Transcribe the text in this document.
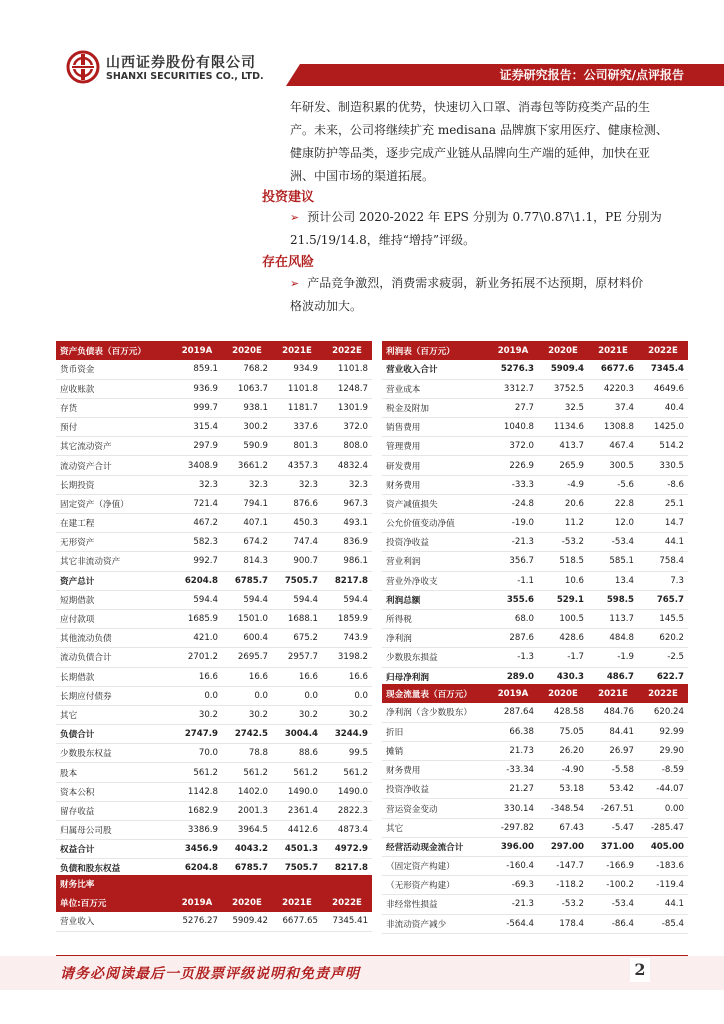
山西证券股份有限公司
SHANXI SECURITIES CO., LTD.	证券研究报告：公司研究/点评报告
年研发、制造积累的优势，快速切入口罩、消毒包等防疫类产品的生
产。未来，公司将继续扩充 medisana 品牌旗下家用医疗、健康检测、
健康防护等品类，逐步完成产业链从品牌向生产端的延伸，加快在亚
洲、中国市场的渠道拓展。
投资建议
➢ 预计公司 2020-2022 年 EPS 分别为 0.77\0.87\1.1，PE 分别为
21.5/19/14.8，维持“增持”评级。
存在风险
➢ 产品竞争激烈，消费需求疲弱，新业务拓展不达预期，原材料价
格波动加大。
资产负债表（百万元）	2019A	2020E	2021E	2022E
货币资金	859.1	768.2	934.9	1101.8
应收账款	936.9	1063.7	1101.8	1248.7
存货	999.7	938.1	1181.7	1301.9
预付	315.4	300.2	337.6	372.0
其它流动资产	297.9	590.9	801.3	808.0
流动资产合计	3408.9	3661.2	4357.3	4832.4
长期投资	32.3	32.3	32.3	32.3
固定资产（净值）	721.4	794.1	876.6	967.3
在建工程	467.2	407.1	450.3	493.1
无形资产	582.3	674.2	747.4	836.9
其它非流动资产	992.7	814.3	900.7	986.1
资产总计	6204.8	6785.7	7505.7	8217.8
短期借款	594.4	594.4	594.4	594.4
应付款项	1685.9	1501.0	1688.1	1859.9
其他流动负债	421.0	600.4	675.2	743.9
流动负债合计	2701.2	2695.7	2957.7	3198.2
长期借款	16.6	16.6	16.6	16.6
长期应付债券	0.0	0.0	0.0	0.0
其它	30.2	30.2	30.2	30.2
负债合计	2747.9	2742.5	3004.4	3244.9
少数股东权益	70.0	78.8	88.6	99.5
股本	561.2	561.2	561.2	561.2
资本公积	1142.8	1402.0	1490.0	1490.0
留存收益	1682.9	2001.3	2361.4	2822.3
归属母公司股	3386.9	3964.5	4412.6	4873.4
权益合计	3456.9	4043.2	4501.3	4972.9
负债和股东权益	6204.8	6785.7	7505.7	8217.8
利润表（百万元）	2019A	2020E	2021E	2022E
营业收入合计	5276.3	5909.4	6677.6	7345.4
营业成本	3312.7	3752.5	4220.3	4649.6
税金及附加	27.7	32.5	37.4	40.4
销售费用	1040.8	1134.6	1308.8	1425.0
管理费用	372.0	413.7	467.4	514.2
研发费用	226.9	265.9	300.5	330.5
财务费用	-33.3	-4.9	-5.6	-8.6
资产减值损失	-24.8	20.6	22.8	25.1
公允价值变动净值	-19.0	11.2	12.0	14.7
投资净收益	-21.3	-53.2	-53.4	44.1
营业利润	356.7	518.5	585.1	758.4
营业外净收支	-1.1	10.6	13.4	7.3
利润总额	355.6	529.1	598.5	765.7
所得税	68.0	100.5	113.7	145.5
净利润	287.6	428.6	484.8	620.2
少数股东损益	-1.3	-1.7	-1.9	-2.5
归母净利润	289.0	430.3	486.7	622.7
现金流量表（百万元）	2019A	2020E	2021E	2022E
净利润（含少数股东）	287.64	428.58	484.76	620.24
折旧	66.38	75.05	84.41	92.99
摊销	21.73	26.20	26.97	29.90
财务费用	-33.34	-4.90	-5.58	-8.59
投资净收益	21.27	53.18	53.42	-44.07
营运资金变动	330.14	-348.54	-267.51	0.00
其它	-297.82	67.43	-5.47	-285.47
经营活动现金流合计	396.00	297.00	371.00	405.00
（固定资产构建）	-160.4	-147.7	-166.9	-183.6
（无形资产构建）	-69.3	-118.2	-100.2	-119.4
非经常性损益	-21.3	-53.2	-53.4	44.1
非流动资产减少	-564.4	178.4	-86.4	-85.4
财务比率				
单位:百万元	2019A	2020E	2021E	2022E
营业收入	5276.27	5909.42	6677.65	7345.41
请务必阅读最后一页股票评级说明和免责声明	2
